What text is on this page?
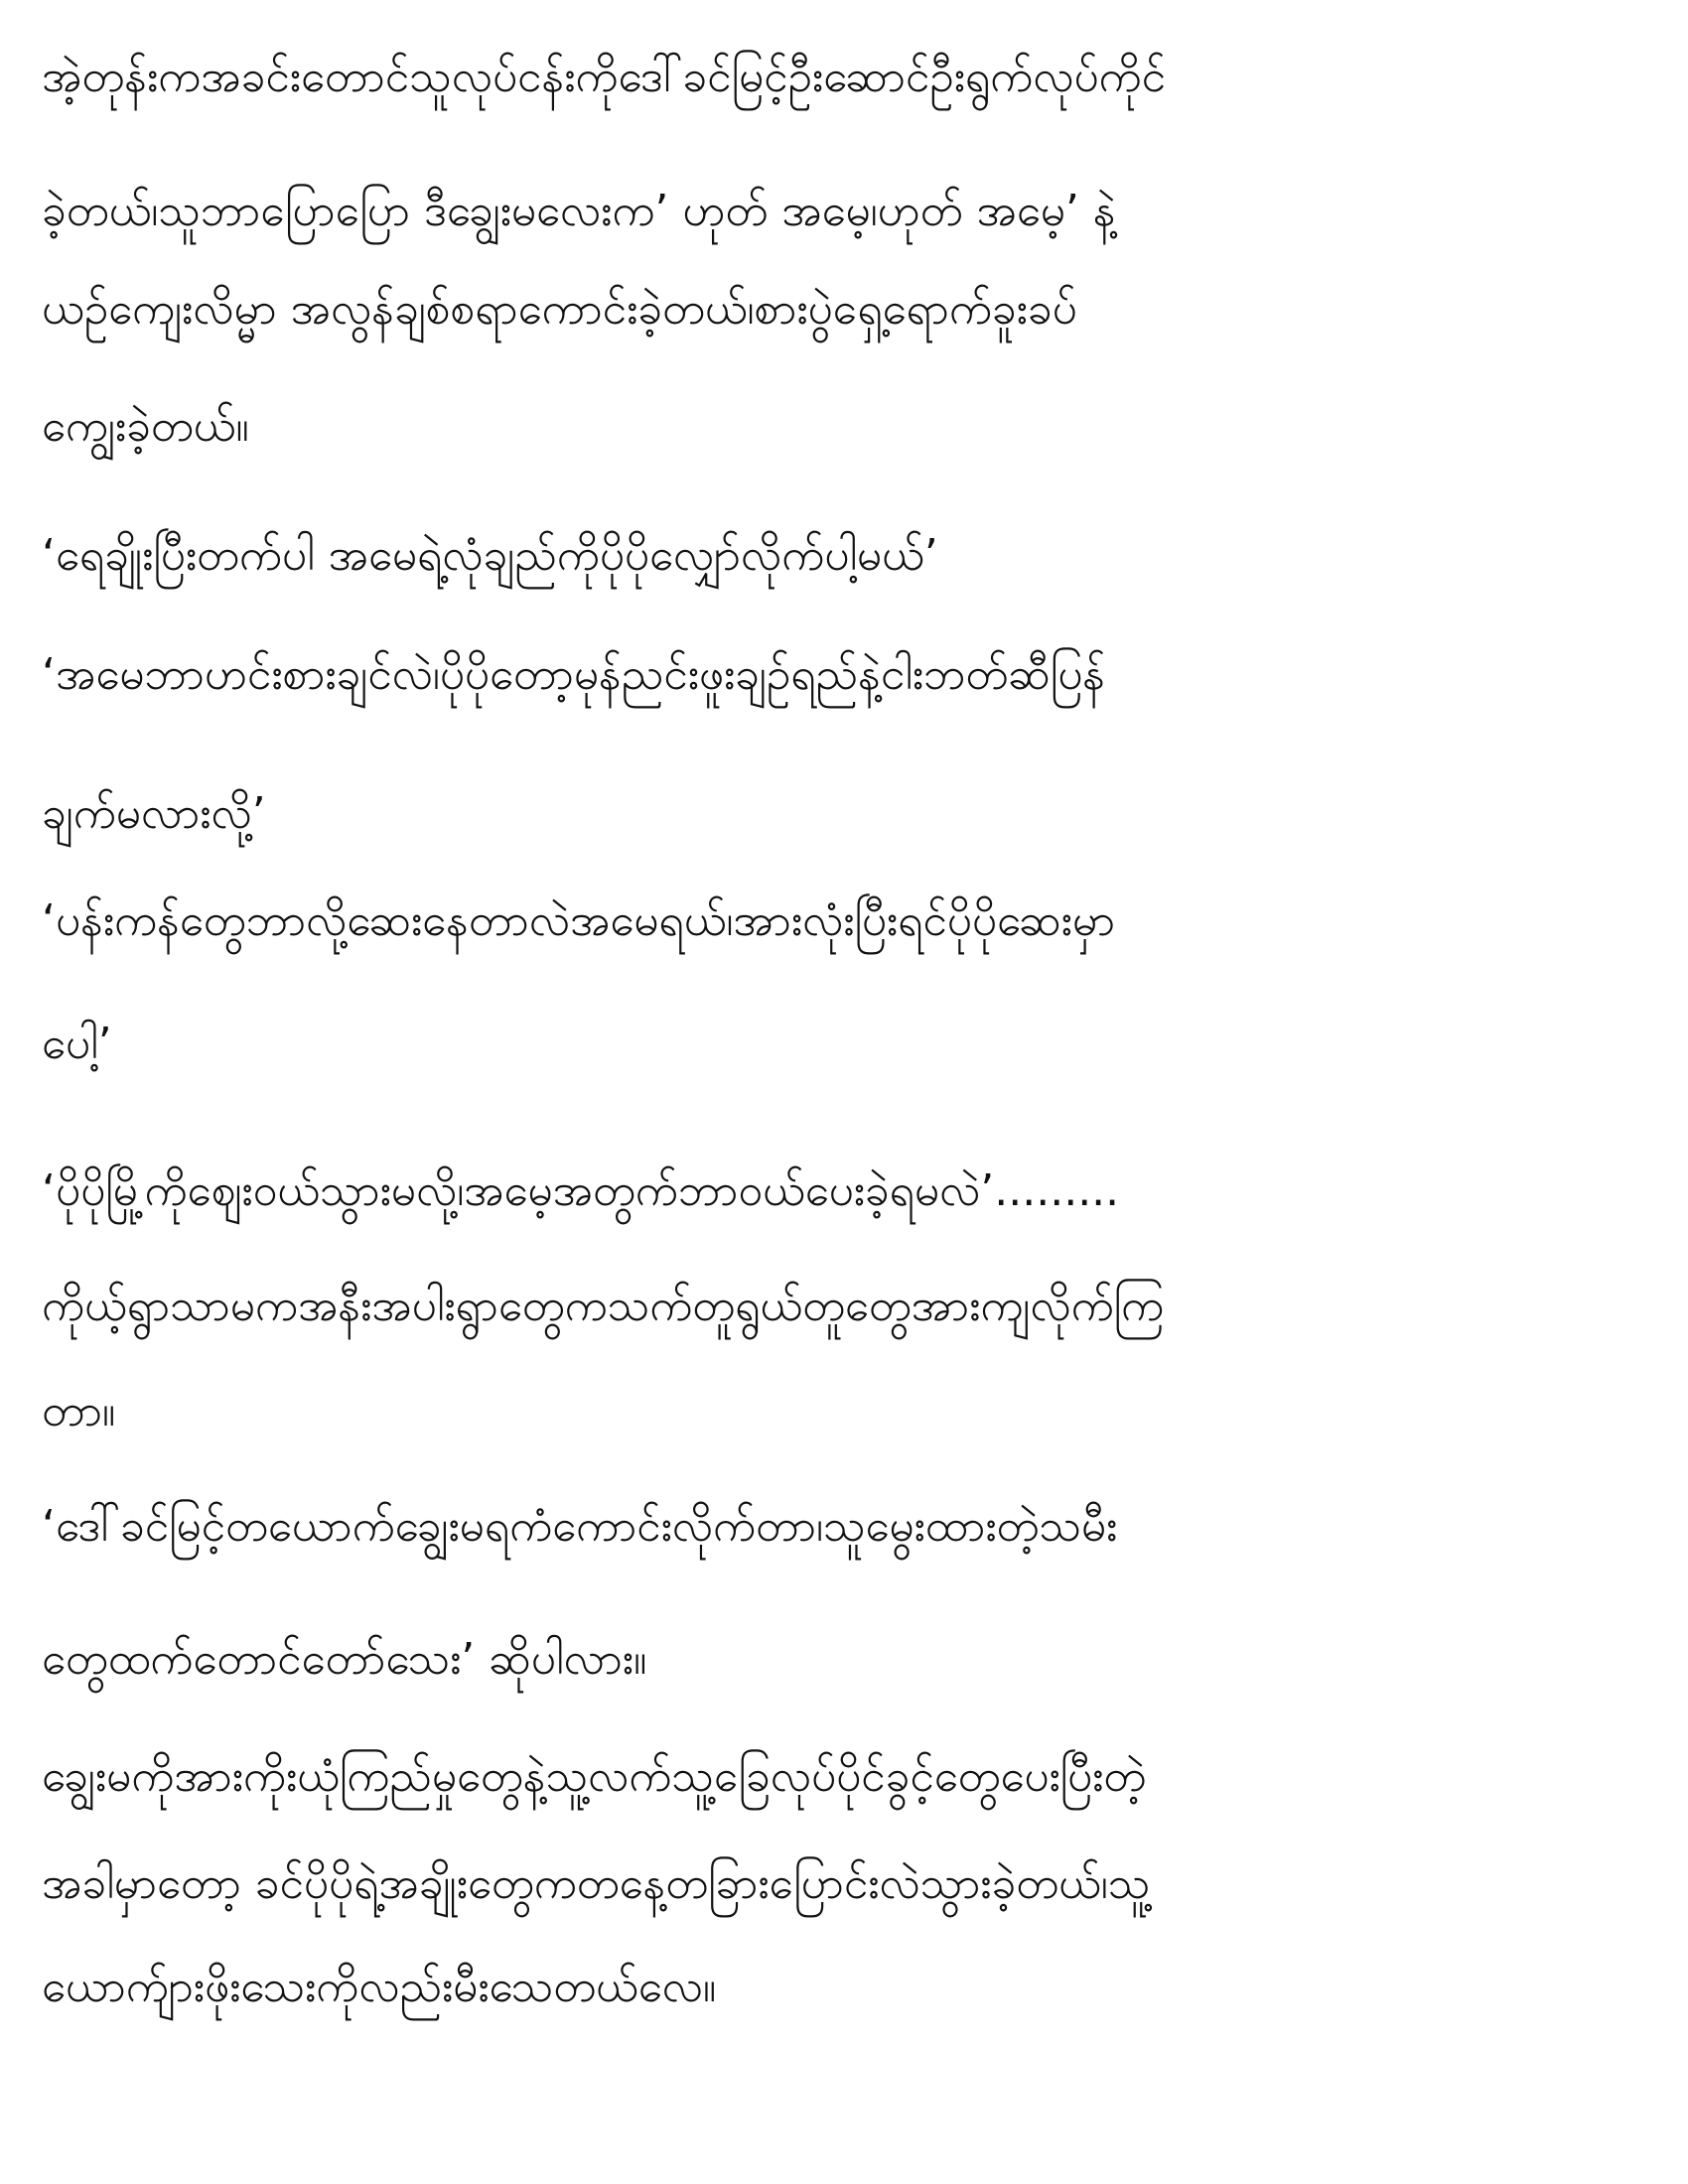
အဲ့တုန်းကအခင်းတောင်သူလုပ်ငန်းကိုဒေါ်ခင်မြင့်ဦးဆောင်ဦးရွက်လုပ်ကိုင်
ခဲ့တယ်၊သူဘာပြောပြော ဒီချွေးမလေးက’ ဟုတ် အမေ့၊ဟုတ် အမေ့’ နဲ့
ယဉ်ကျေးလိမ္မာ အလွန်ချစ်စရာကောင်းခဲ့တယ်၊စားပွဲရှေ့ရောက်ခူးခပ်
ကျွေးခဲ့တယ်။
‘ရေချိုးပြီးတက်ပါ အမေရဲ့လုံချည်ကိုပိုပိုလျှော်လိုက်ပါ့မယ်’
‘အမေဘာဟင်းစားချင်လဲ၊ပိုပိုတော့မုန်ညင်းဖူးချဉ်ရည်နဲ့ငါးဘတ်ဆီပြန်
ချက်မလားလို့’
‘ပန်းကန်တွေဘာလို့ဆေးနေတာလဲအမေရယ်၊အားလုံးပြီးရင်ပိုပိုဆေးမှာ
ပေါ့’
‘ပိုပိုမြို့ကိုဈေးဝယ်သွားမလို့၊အမေ့အတွက်ဘာဝယ်ပေးခဲ့ရမလဲ’.........
ကိုယ့်ရွာသာမကအနီးအပါးရွာတွေကသက်တူရွယ်တူတွေအားကျလိုက်ကြ
တာ။
‘ဒေါ်ခင်မြင့်တယောက်ချွေးမရကံကောင်းလိုက်တာ၊သူမွေးထားတဲ့သမီး
တွေထက်တောင်တော်သေး’ ဆိုပါလား။
ချွေးမကိုအားကိုးယုံကြည်မှုတွေနဲ့သူ့လက်သူ့ခြေလုပ်ပိုင်ခွင့်တွေပေးပြီးတဲ့
အခါမှာတော့ ခင်ပိုပိုရဲ့အချိုးတွေကတနေ့တခြားပြောင်းလဲသွားခဲ့တယ်၊သူ့
ယောက်ျားဖိုးသေးကိုလည်းမီးသေတယ်လေ။
